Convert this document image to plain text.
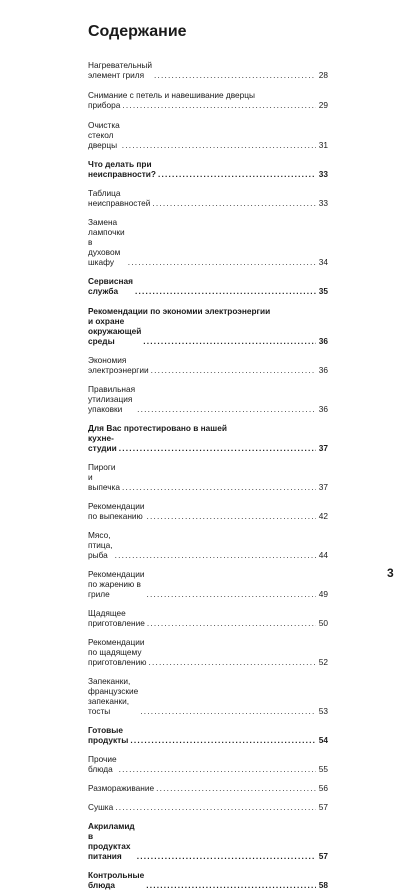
Содержание
Нагревательный элемент гриля .....	28
Снимание с петель и навешивание дверцы
прибора .....	29
Очистка стекол дверцы .....	31
Что делать при неисправности? .....	33
Таблица неисправностей .....	33
Замена лампочки в духовом шкафу .....	34
Сервисная служба .....	35
Рекомендации по экономии электроэнергии
и охране окружающей среды .....	36
Экономия электроэнергии .....	36
Правильная утилизация упаковки .....	36
Для Вас протестировано в нашей
кухне-студии .....	37
Пироги и выпечка .....	37
Рекомендации по выпеканию .....	42
Мясо, птица, рыба .....	44
Рекомендации по жарению в гриле .....	49
Щадящее приготовление .....	50
Рекомендации по щадящему приготовлению .....	52
Запеканки, французские запеканки, тосты .....	53
Готовые продукты .....	54
Прочие блюда .....	55
Размораживание .....	56
Сушка .....	57
Акриламид в продуктах питания .....	57
Контрольные блюда .....	58
3
